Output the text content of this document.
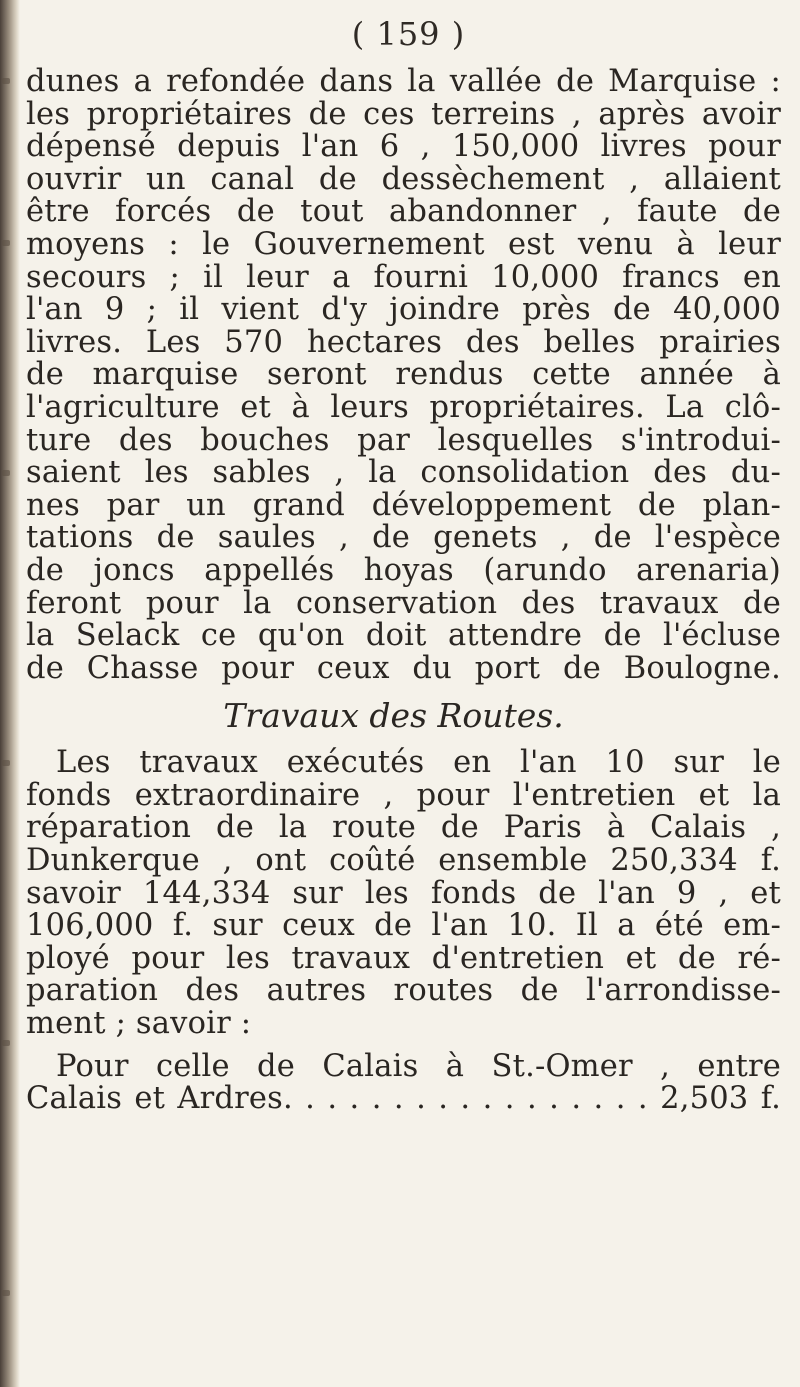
( 159 )
dunes a refondée dans la vallée de Marquise :
les propriétaires de ces terreins , après avoir
dépensé depuis l'an 6 , 150,000 livres pour
ouvrir un canal de dessèchement , allaient
être forcés de tout abandonner , faute de
moyens : le Gouvernement est venu à leur
secours ; il leur a fourni 10,000 francs en
l'an 9 ; il vient d'y joindre près de 40,000
livres. Les 570 hectares des belles prairies
de marquise seront rendus cette année à
l'agriculture et à leurs propriétaires. La clô-
ture des bouches par lesquelles s'introdui-
saient les sables , la consolidation des du-
nes par un grand développement de plan-
tations de saules , de genets , de l'espèce
de joncs appellés hoyas (arundo arenaria)
feront pour la conservation des travaux de
la Selack ce qu'on doit attendre de l'écluse
de Chasse pour ceux du port de Boulogne.
Travaux des Routes.
Les travaux exécutés en l'an 10 sur le
fonds extraordinaire , pour l'entretien et la
réparation de la route de Paris à Calais ,
Dunkerque , ont coûté ensemble 250,334 f.
savoir 144,334 sur les fonds de l'an 9 , et
106,000 f. sur ceux de l'an 10. Il a été em-
ployé pour les travaux d'entretien et de ré-
paration des autres routes de l'arrondisse-
ment ; savoir :
Pour celle de Calais à St.-Omer , entre
Calais et Ardres. . . . . . . . . . . . . . . . . 2,503 f.
